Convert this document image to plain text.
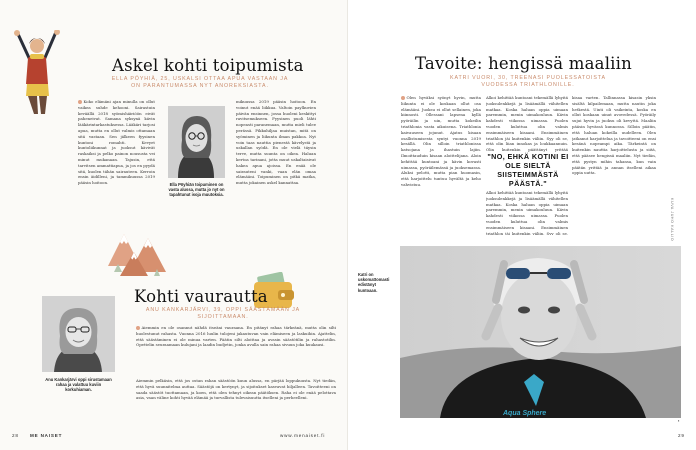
Askel kohti toipumista
ELLA PÖYHIÄ, 25, USKALSI OTTAA APUA VASTAAN JA ON PARANTUMASSA NYT ANOREKSIASTA.
Koko elämäni ajan minulla on ollut vaikea suhde kehooni. Sairastuin keväällä 2018 syömishäiriöön eivät paheneivat. Samana syksynä kävin lääkärintarkastuksessa. Lääkäri tarjosi apua, mutta en ollut valmis ottamaan sitä vastaan. Sen jälkeen fyysinen kuntoni romahti. Kevyet kuntoliikunnat ja juoksut kävivät raskaiksi ja pelko painon noususta vei minut mukanaan. Tajusin, että tarvitsen ammattiapua, ja jos en pyydä sitä, kuolen tähän sairauteen. Kerroin ensin äidilleni, ja tammikuussa 2019 pääsin hoitoon.	Ella Pöyhiän toipuminen on vasta alussa, mutta jo nyt on tapahtunut isoja muutoksia.
mikuussa 2019 pääsin hoitoon. En voinut enää liikkua. Valtoin paylkuvien päivän ensinnen, jossa huoleni keskittyi ravitsemukseen. Fyysinen puoli lähti nopeasti paranemaan, mutta mieli tulee perässä. Pikkuhiljaa muistan, mitä on syöminen ja liikunta ilman pakkoa. Nyt voin taas nauttia pienestä kävelystä ja uskallan syödä. En ole vielä täysin terve, mutta suunta on oikea. Haluan kertoa tarinani, jotta muut uskaltaisivat hakea apua ajoissa. En enää ole sairauteni vanki, vaan elän omaa elämääni. Toipuminen on pitkä matka, mutta jokainen askel kannattaa.
Kohti vaurautta
ANU KANKARJÄRVI, 39, OPPI SÄÄSTÄMÄÄN JA SIJOITTAMAAN.
Anu Kankarjärvi oppi sirustamaan rahaa ja valattuu kuviin korkuhiaman.
Aiemmin en ole osannut nähdä itseäni vauraana. En pitänyt rahaa tärkeänä, mutta olin silti huolestunut rahasta. Vuonna 2016 luulin tulojeni jakautuvan vain elämiseen ja laskuihin. Ajattelin, että säästäminen ei ole minua varten. Päätin silti aloittaa ja avasin säästötilin ja rahastotilin. Opettelin seuraamaan kulujani ja laadin budjetin, jonka avulla sain rahaa sivuun joka kuukausi.
Aiemmin pelkäsin, että jos ostan rahan säästöön kuun alussa, en pärjää loppukuusta. Nyt tiedän, että hyvä suunnitelma auttaa. Säästöjä on kertynyt, ja sijoitukset kasvavat hiljalleen. Tavoitteeni on saada säästöt tuottamaan, ja koen, että olen tehnyt oikean päätöksen. Raha ei ole enää pelottava asia, vaan väline kohti hyvää elämää ja turvallista tulevaisuutta itselleni ja perheelleni.
28 ME NAISET	www.menaiset.fi
Tavoite: hengissä maaliin
KATRI VUORI, 30, TREENASI PUOLESSATOISTA VUODESSA TRIATHLONILLE.
Olen hyväksi syönyt hyvin, mutta liikunta ei ole koskaan ollut osa elämääni. Juoksu ei ollut sellainen, joka kiinnosti. Ollessani lapsena kyllä pyöräilin ja uin, mutta kokeilin triathlonia vasta aikuisena. Triathlonia kaivauseen jojunut. Ajatus kisaan osallistumisesta syntyi vuonna 2019 kesällä. Olin silloin triathlonissa katsojana ja ihastuin lajiin. Ilmoittauduin kisaan aloittelijana. Aloin kehittää kuntoani ja kävin kovasti uimassa, pyöräilemässä ja juoksemassa. Aluksi pelotti, mutta pian huomasin, että harjoittelu tuntuu hyvältä ja keho vahvistuu.
Alkoi kehittää kuntoani tekemällä lyhyitä juoksulenkkejä ja lisäämällä vähitellen matkaa. Koska haluan oppia uimaan paremmin, menin uimakouluun. Kävin kahdesti viikossa uimassa. Puolen vuoden kuluttua olin valmis ensimmäiseen kisaani. Ensimmäinen triathlon jäi kuitenkin väliin. Syy oli se, että olin liian innokas ja loukkaannuin. Olin kuitenkin päättänyt yrittää
"NO, EHKÄ KOTINI EI OLE SIELTÄ SIISTEIMMÄSTÄ PÄÄSTÄ."
Alkoi kehittää kuntoani tekemällä lyhyitä juoksulenkkejä ja lisäämällä vähitellen matkaa. Koska haluan oppia uimaan paremmin, menin uimakouluun. Kävin kahdesti viikossa uimassa. Puolen vuoden kuluttua olin valmis ensimmäiseen kisaani. Ensimmäinen triathlon jäi kuitenkin väliin. Syy oli se,
kisaa varten. Tallinnassa kisasin yksin sisältä kilpailemaan, mutta nautin joka hetkestä. Uinti oli vaikeinta, koska en ollut koskaan uinut avovedessä. Pyöräily sujui hyvin ja juoksu oli kevyttä. Maaliin pääsin hyvässä kunnossa. Silloin päätin, että haluan kokeilla uudelleen. Olen jatkanut harjoittelua ja tavoitteeni on ensi kesänä nopeampi aika. Tärkeintä on kuitenkin nauttia harjoittelusta ja siitä, että pääsee hengissä maaliin. Nyt tiedän, että pystyn mihin tahansa, kun vain päätän yrittää ja annan itselleni aikaa oppia uutta.
KUVA JUHO KALLIO
Aqua Sphere
Katri on uskomattomasti edistänyt kuntoaan.
▪
29
